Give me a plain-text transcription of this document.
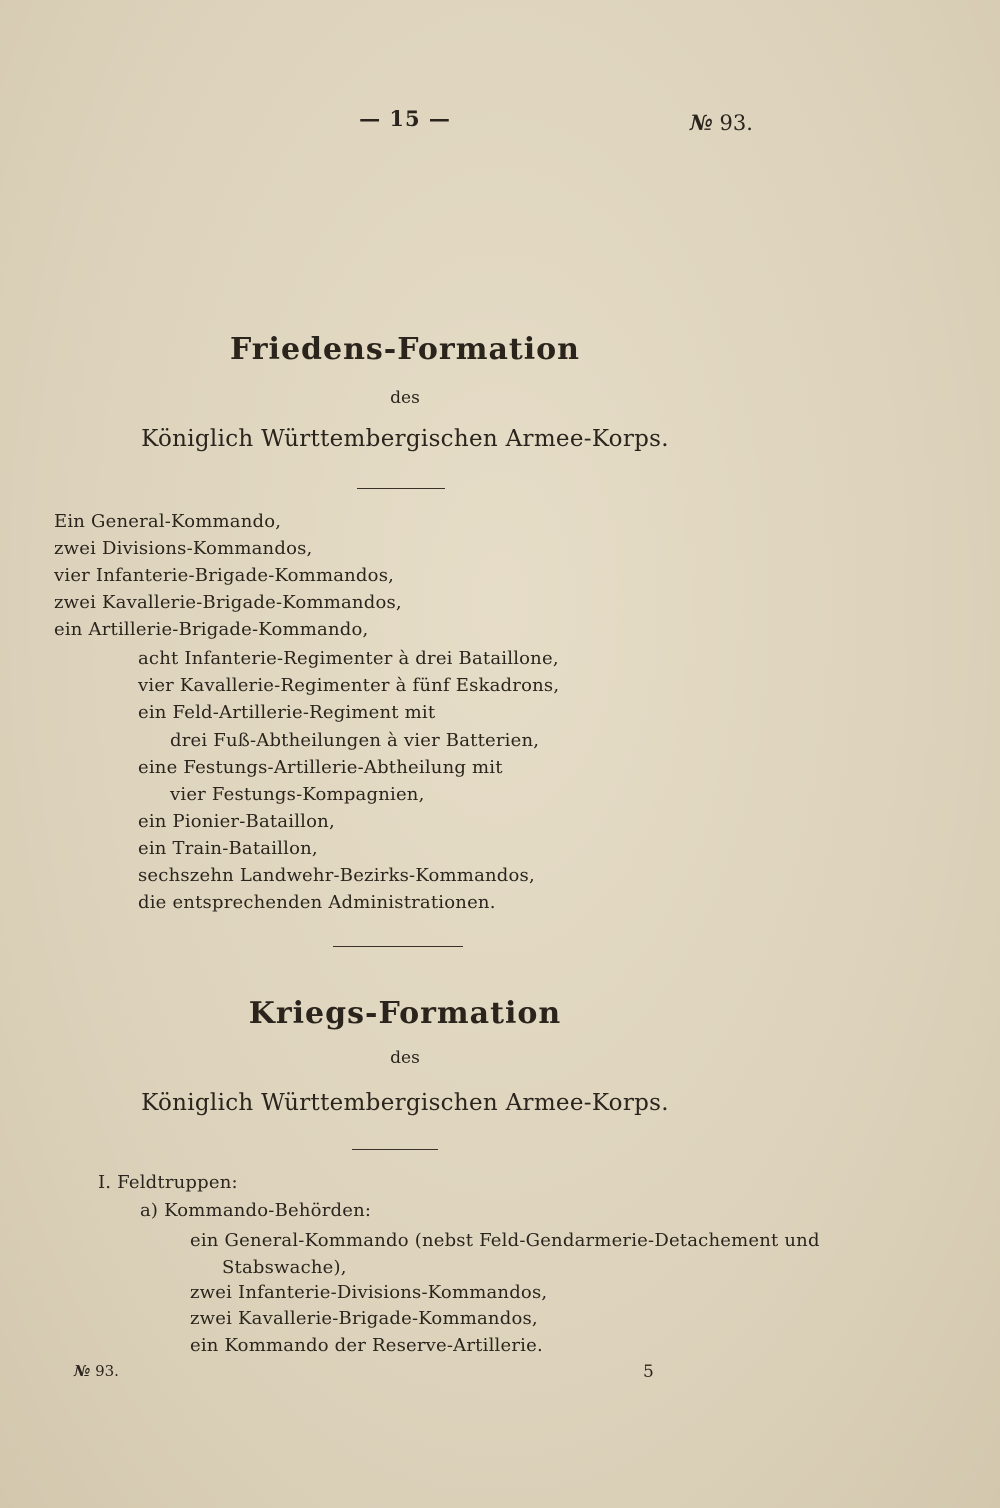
— 15 —	№ 93.
Friedens-Formation
des
Königlich Württembergischen Armee-Korps.
Ein General-Kommando,
zwei Divisions-Kommandos,
vier Infanterie-Brigade-Kommandos,
zwei Kavallerie-Brigade-Kommandos,
ein Artillerie-Brigade-Kommando,
acht Infanterie-Regimenter à drei Bataillone,
vier Kavallerie-Regimenter à fünf Eskadrons,
ein Feld-Artillerie-Regiment mit
drei Fuß-Abtheilungen à vier Batterien,
eine Festungs-Artillerie-Abtheilung mit
vier Festungs-Kompagnien,
ein Pionier-Bataillon,
ein Train-Bataillon,
sechszehn Landwehr-Bezirks-Kommandos,
die entsprechenden Administrationen.
Kriegs-Formation
des
Königlich Württembergischen Armee-Korps.
I. Feldtruppen:
a) Kommando-Behörden:
ein General-Kommando (nebst Feld-Gendarmerie-Detachement und
Stabswache),
zwei Infanterie-Divisions-Kommandos,
zwei Kavallerie-Brigade-Kommandos,
ein Kommando der Reserve-Artillerie.
№ 93.	5
